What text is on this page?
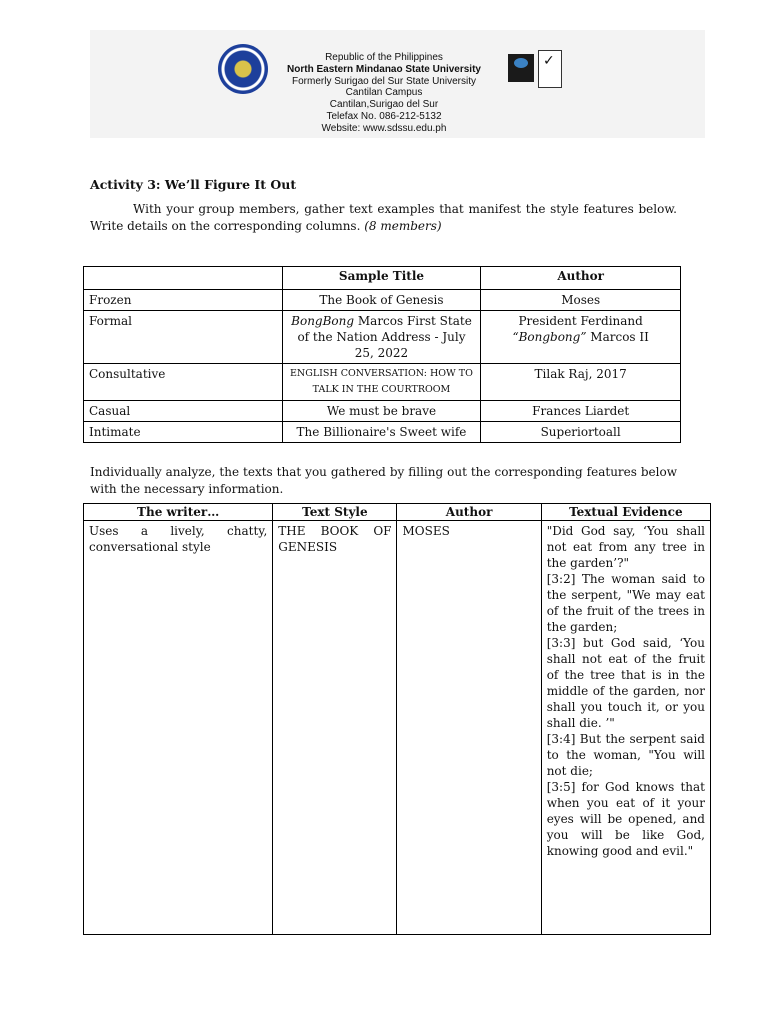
Republic of the Philippines
North Eastern Mindanao State University
Formerly Surigao del Sur State University
Cantilan Campus
Cantilan,Surigao del Sur
Telefax No. 086-212-5132
Website: www.sdssu.edu.ph
✓
Activity 3: We’ll Figure It Out
With your group members, gather text examples that manifest the style features below. Write details on the corresponding columns. (8 members)
	Sample Title	Author
Frozen	The Book of Genesis	Moses
Formal	BongBong Marcos First State of the Nation Address - July 25, 2022	President Ferdinand
“Bongbong” Marcos II
Consultative	ENGLISH CONVERSATION: HOW TO TALK IN THE COURTROOM	Tilak Raj, 2017
Casual	We must be brave	Frances Liardet
Intimate	The Billionaire's Sweet wife	Superiortoall
Individually analyze, the texts that you gathered by filling out the corresponding features below with the necessary information.
The writer…	Text Style	Author	Textual Evidence
Uses a lively, chatty, conversational style	THE BOOK OF GENESIS	MOSES	"Did God say, ‘You shall not eat from any tree in the garden’?"

[3:2] The woman said to the serpent, "We may eat of the fruit of the trees in the garden;

[3:3] but God said, ‘You shall not eat of the fruit of the tree that is in the middle of the garden, nor shall you touch it, or you shall die. ’"

[3:4] But the serpent said to the woman, "You will not die;

[3:5] for God knows that when you eat of it your eyes will be opened, and you will be like God, knowing good and evil."
